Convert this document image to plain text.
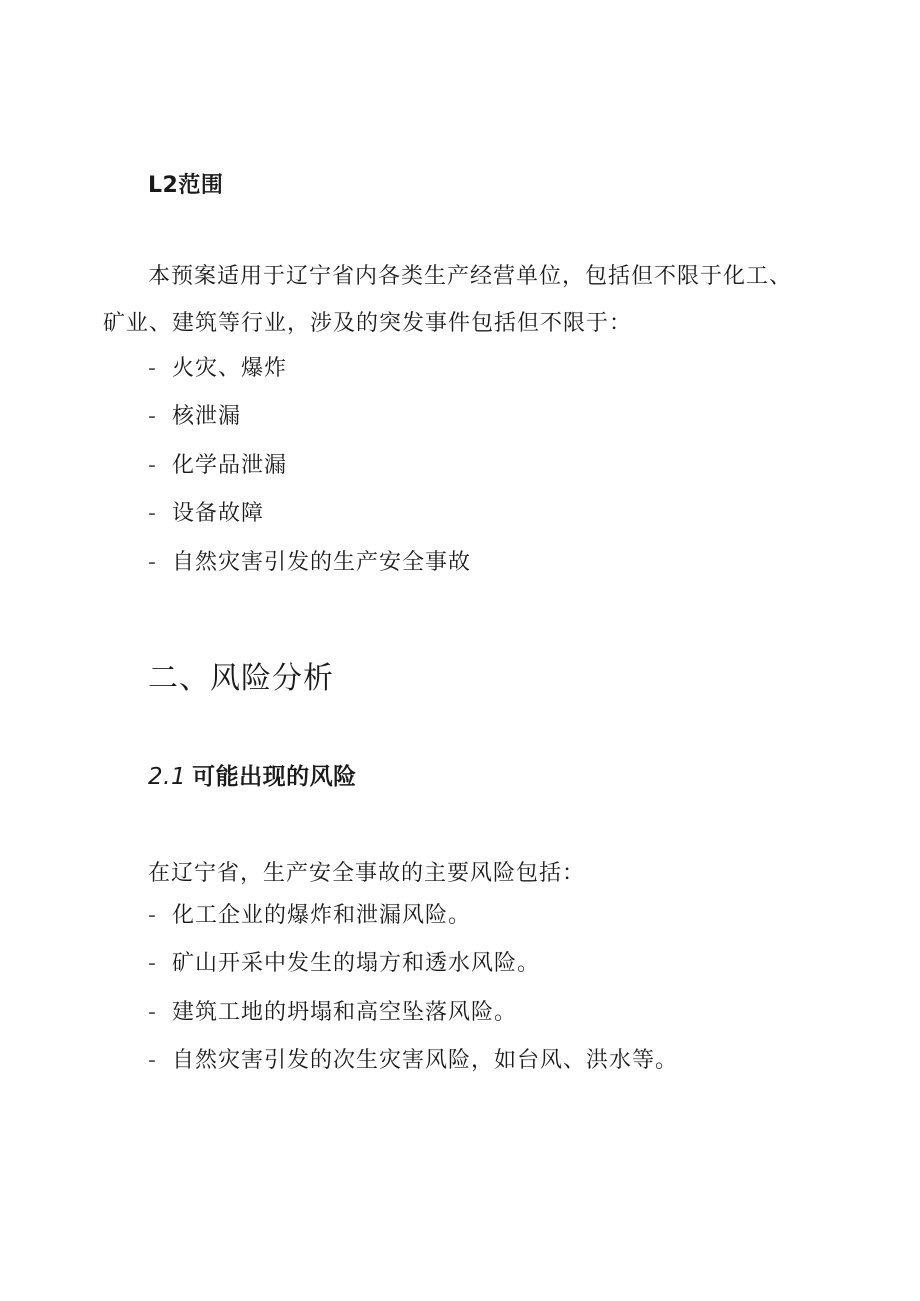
L2范围

本预案适用于辽宁省内各类生产经营单位，包括但不限于化工、矿业、建筑等行业，涉及的突发事件包括但不限于：

- 火灾、爆炸
- 核泄漏
- 化学品泄漏
- 设备故障
- 自然灾害引发的生产安全事故
二、风险分析
2.1 可能出现的风险

在辽宁省，生产安全事故的主要风险包括：

- 化工企业的爆炸和泄漏风险。
- 矿山开采中发生的塌方和透水风险。
- 建筑工地的坍塌和高空坠落风险。
- 自然灾害引发的次生灾害风险，如台风、洪水等。
